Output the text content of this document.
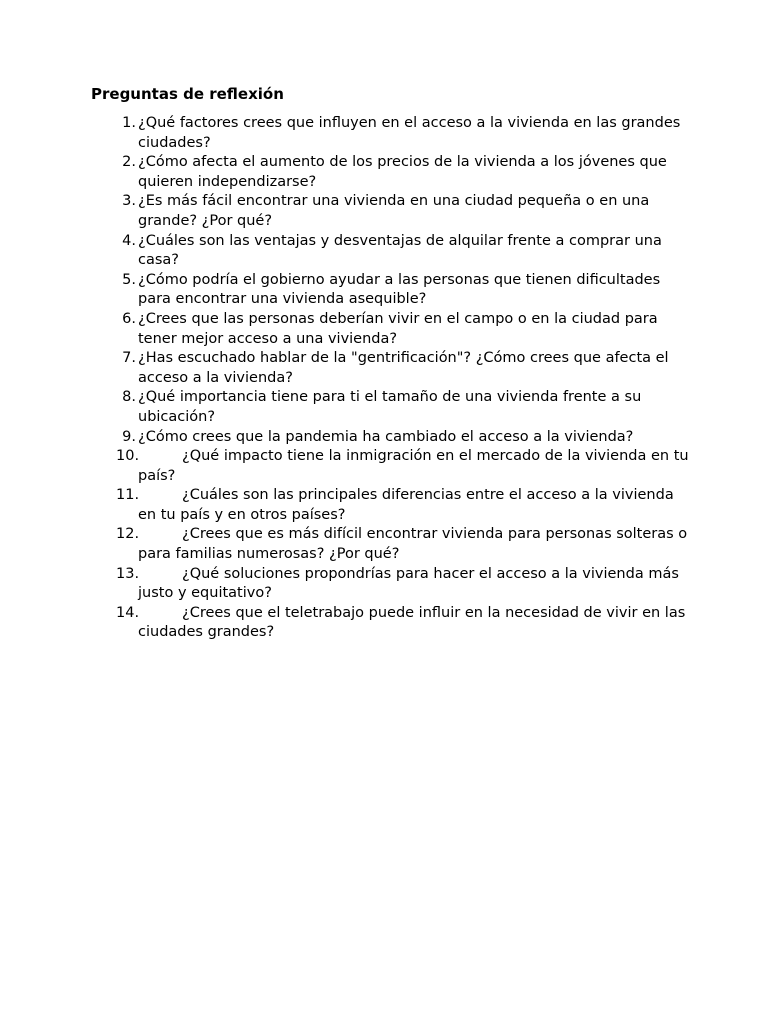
Preguntas de reflexión
1. ¿Qué factores crees que influyen en el acceso a la vivienda en las grandes ciudades?
2. ¿Cómo afecta el aumento de los precios de la vivienda a los jóvenes que quieren independizarse?
3. ¿Es más fácil encontrar una vivienda en una ciudad pequeña o en una grande? ¿Por qué?
4. ¿Cuáles son las ventajas y desventajas de alquilar frente a comprar una casa?
5. ¿Cómo podría el gobierno ayudar a las personas que tienen dificultades para encontrar una vivienda asequible?
6. ¿Crees que las personas deberían vivir en el campo o en la ciudad para tener mejor acceso a una vivienda?
7. ¿Has escuchado hablar de la "gentrificación"? ¿Cómo crees que afecta el acceso a la vivienda?
8. ¿Qué importancia tiene para ti el tamaño de una vivienda frente a su ubicación?
9. ¿Cómo crees que la pandemia ha cambiado el acceso a la vivienda?
10.	¿Qué impacto tiene la inmigración en el mercado de la vivienda en tu país?
11.	¿Cuáles son las principales diferencias entre el acceso a la vivienda en tu país y en otros países?
12.	¿Crees que es más difícil encontrar vivienda para personas solteras o para familias numerosas? ¿Por qué?
13.	¿Qué soluciones propondrías para hacer el acceso a la vivienda más justo y equitativo?
14.	¿Crees que el teletrabajo puede influir en la necesidad de vivir en las ciudades grandes?
